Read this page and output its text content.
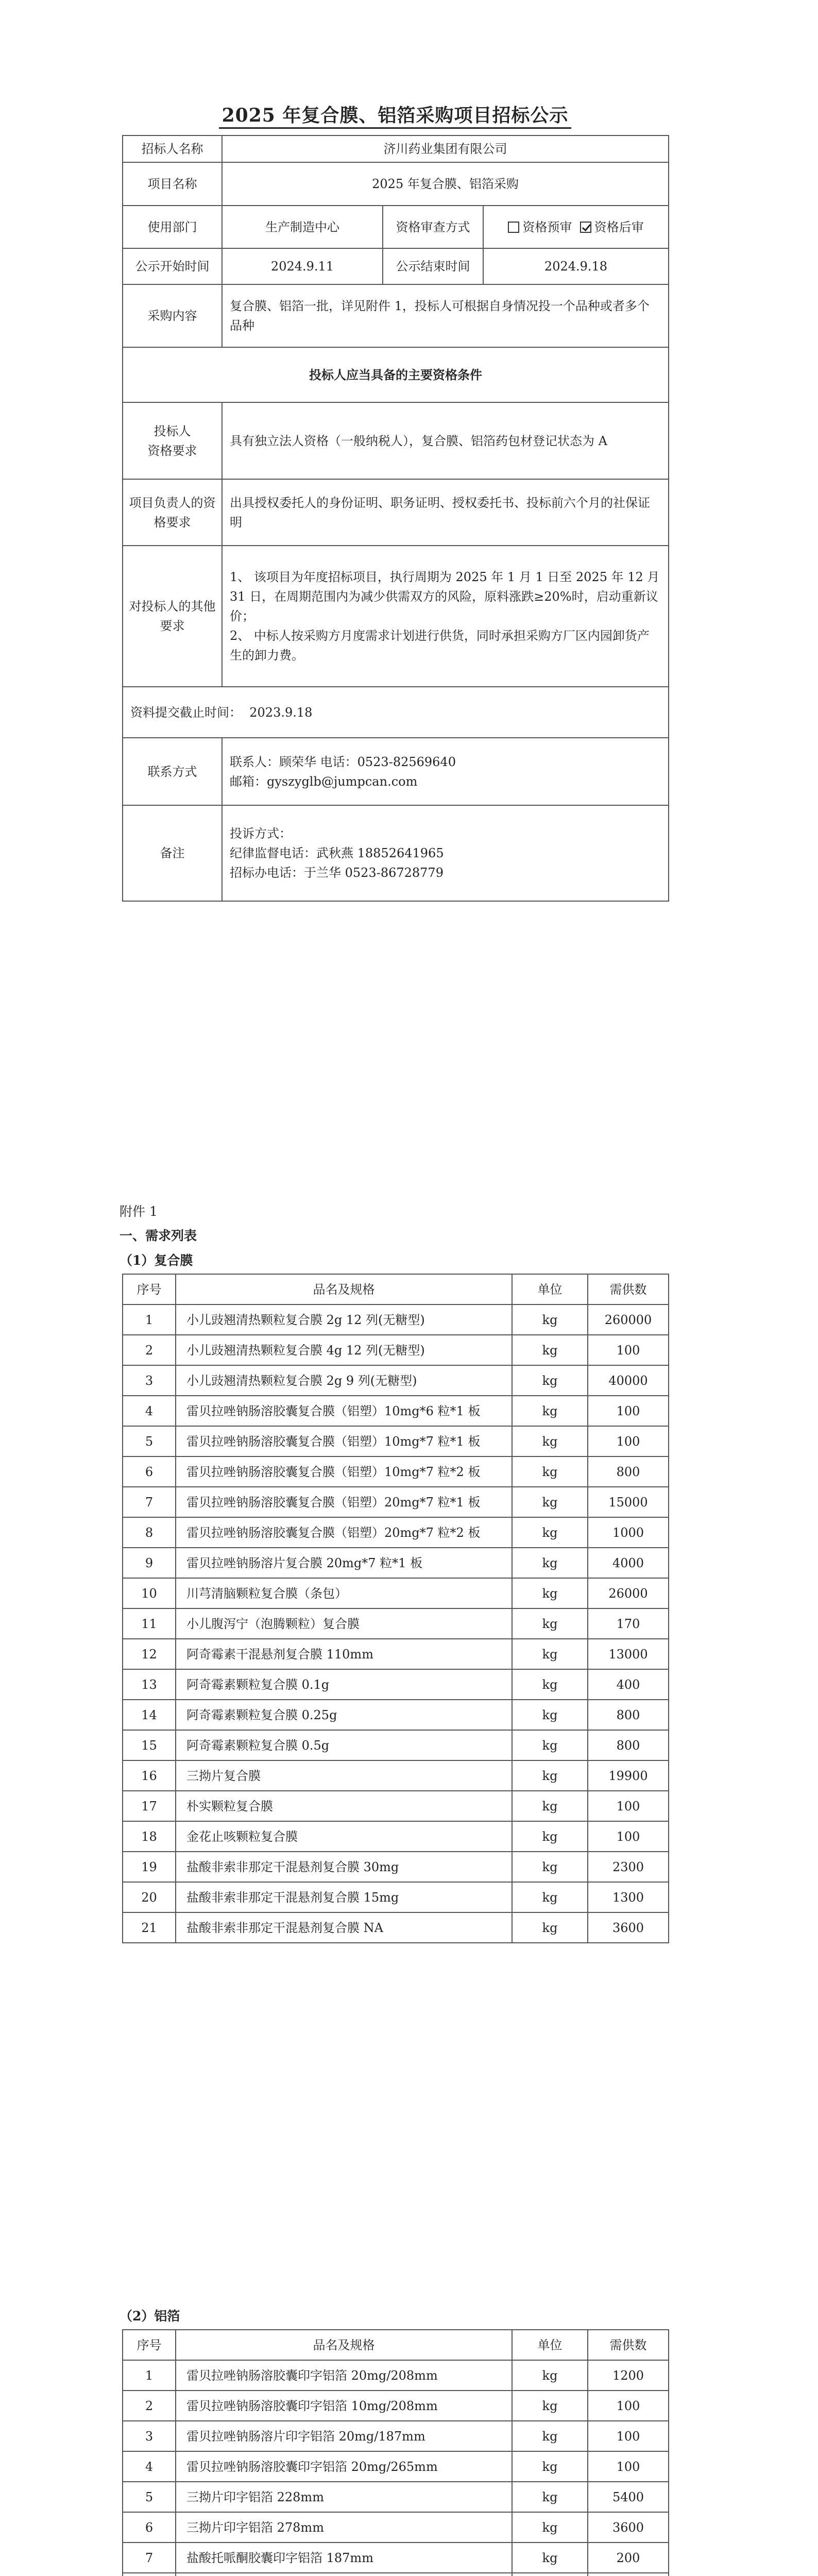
2025 年复合膜、铝箔采购项目招标公示
招标人名称	济川药业集团有限公司		
项目名称	2025 年复合膜、铝箔采购		
使用部门	生产制造中心	资格审查方式	资格预审 资格后审
公示开始时间	2024.9.11	公示结束时间	2024.9.18
采购内容	复合膜、铝箔一批，详见附件 1，投标人可根据自身情况投一个品种或者多个品种		
投标人应当具备的主要资格条件			
投标人
资格要求	具有独立法人资格（一般纳税人），复合膜、铝箔药包材登记状态为 A		
项目负责人的资格要求	出具授权委托人的身份证明、职务证明、授权委托书、投标前六个月的社保证明		
对投标人的其他要求	1、 该项目为年度招标项目，执行周期为 2025 年 1 月 1 日至 2025 年 12 月 31 日，在周期范围内为减少供需双方的风险，原料涨跌≥20%时，启动重新议价；
2、 中标人按采购方月度需求计划进行供货，同时承担采购方厂区内园卸货产生的卸力费。		

资料提交截止时间： 2023.9.18			
联系方式	联系人：顾荣华 电话：0523-82569640
邮箱：gyszyglb@jumpcan.com		

备注	投诉方式：
纪律监督电话：武秋燕 18852641965
招标办电话：于兰华 0523-86728779		
附件 1
一、需求列表
（1）复合膜
序号	品名及规格	单位	需供数
1	小儿豉翘清热颗粒复合膜 2g 12 列(无糖型)	kg	260000
2	小儿豉翘清热颗粒复合膜 4g 12 列(无糖型)	kg	100
3	小儿豉翘清热颗粒复合膜 2g 9 列(无糖型)	kg	40000
4	雷贝拉唑钠肠溶胶囊复合膜（铝塑）10mg*6 粒*1 板	kg	100
5	雷贝拉唑钠肠溶胶囊复合膜（铝塑）10mg*7 粒*1 板	kg	100
6	雷贝拉唑钠肠溶胶囊复合膜（铝塑）10mg*7 粒*2 板	kg	800
7	雷贝拉唑钠肠溶胶囊复合膜（铝塑）20mg*7 粒*1 板	kg	15000
8	雷贝拉唑钠肠溶胶囊复合膜（铝塑）20mg*7 粒*2 板	kg	1000
9	雷贝拉唑钠肠溶片复合膜 20mg*7 粒*1 板	kg	4000
10	川芎清脑颗粒复合膜（条包）	kg	26000
11	小儿腹泻宁（泡腾颗粒）复合膜	kg	170
12	阿奇霉素干混悬剂复合膜 110mm	kg	13000
13	阿奇霉素颗粒复合膜 0.1g	kg	400
14	阿奇霉素颗粒复合膜 0.25g	kg	800
15	阿奇霉素颗粒复合膜 0.5g	kg	800
16	三拗片复合膜	kg	19900
17	朴实颗粒复合膜	kg	100
18	金花止咳颗粒复合膜	kg	100
19	盐酸非索非那定干混悬剂复合膜 30mg	kg	2300
20	盐酸非索非那定干混悬剂复合膜 15mg	kg	1300
21	盐酸非索非那定干混悬剂复合膜 NA	kg	3600
（2）铝箔
序号	品名及规格	单位	需供数
1	雷贝拉唑钠肠溶胶囊印字铝箔 20mg/208mm	kg	1200
2	雷贝拉唑钠肠溶胶囊印字铝箔 10mg/208mm	kg	100
3	雷贝拉唑钠肠溶片印字铝箔 20mg/187mm	kg	100
4	雷贝拉唑钠肠溶胶囊印字铝箔 20mg/265mm	kg	100
5	三拗片印字铝箔 228mm	kg	5400
6	三拗片印字铝箔 278mm	kg	3600
7	盐酸托哌酮胶囊印字铝箔 187mm	kg	200
